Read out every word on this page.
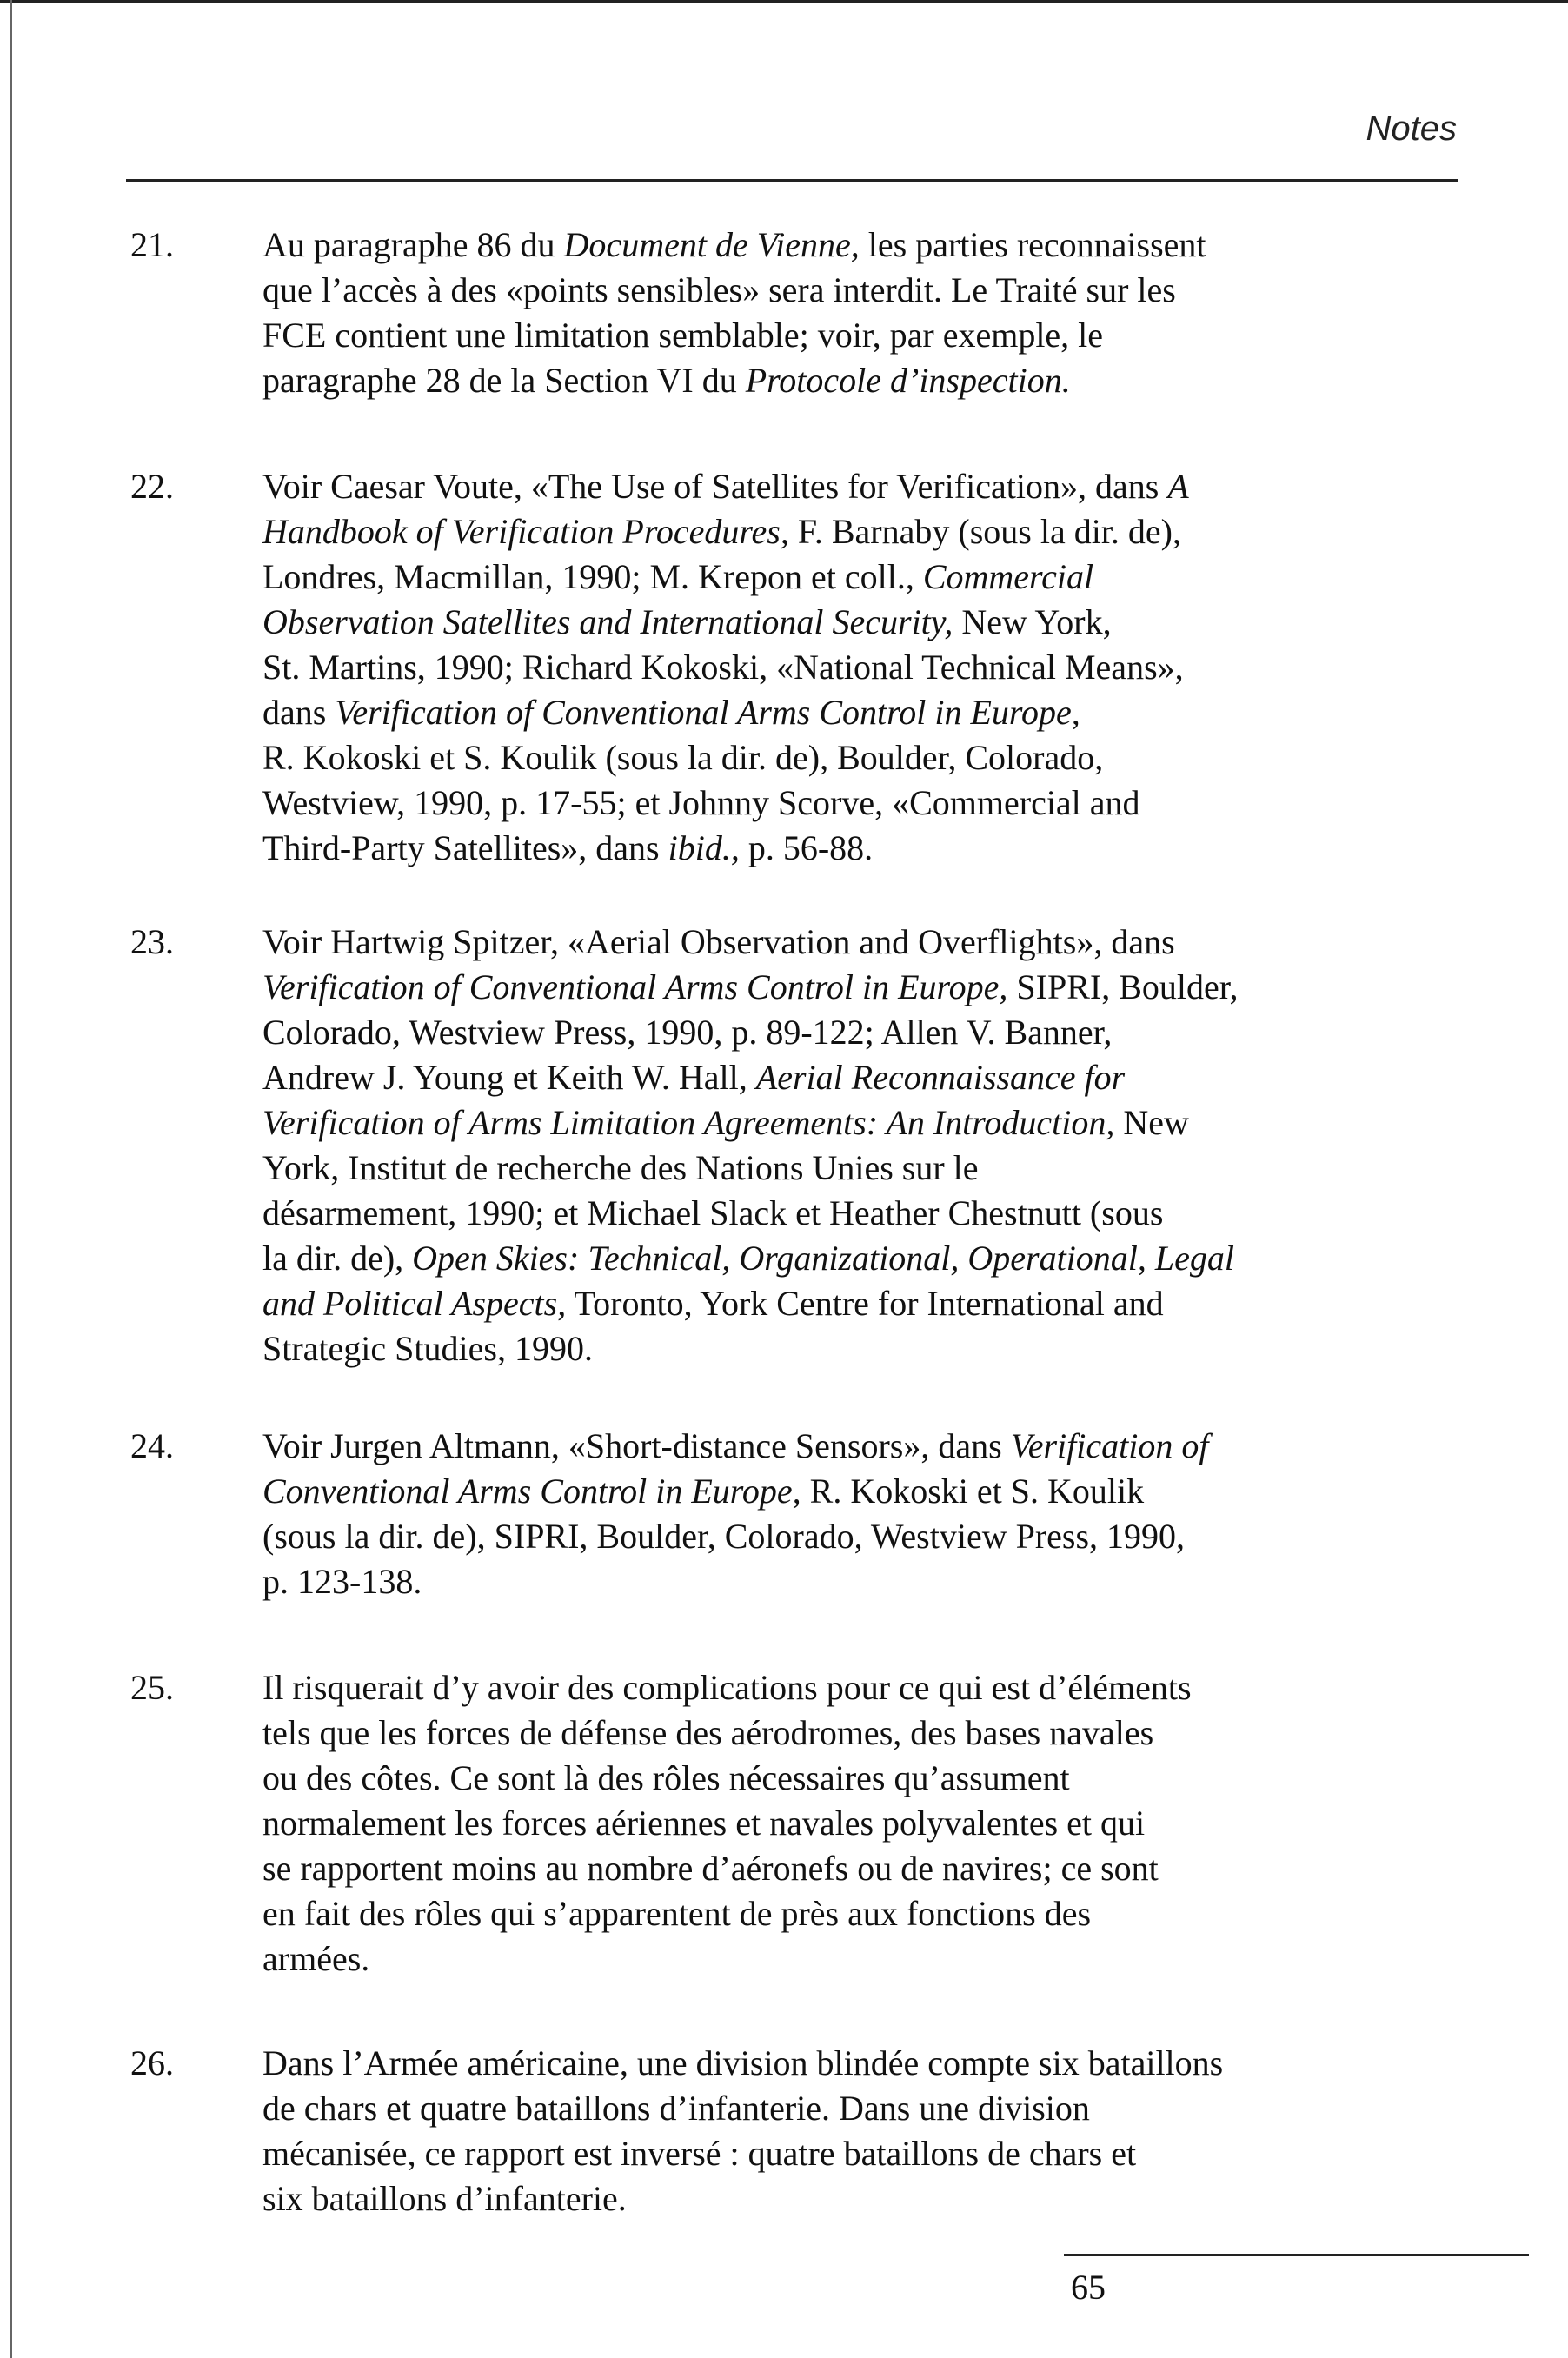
Notes
21.	Au paragraphe 86 du Document de Vienne, les parties reconnaissent
que l’accès à des «points sensibles» sera interdit. Le Traité sur les
FCE contient une limitation semblable; voir, par exemple, le
paragraphe 28 de la Section VI du Protocole d’inspection.
22.	Voir Caesar Voute, «The Use of Satellites for Verification», dans A
Handbook of Verification Procedures, F. Barnaby (sous la dir. de),
Londres, Macmillan, 1990; M. Krepon et coll., Commercial
Observation Satellites and International Security, New York,
St. Martins, 1990; Richard Kokoski, «National Technical Means»,
dans Verification of Conventional Arms Control in Europe,
R. Kokoski et S. Koulik (sous la dir. de), Boulder, Colorado,
Westview, 1990, p. 17-55; et Johnny Scorve, «Commercial and
Third-Party Satellites», dans ibid., p. 56-88.
23.	Voir Hartwig Spitzer, «Aerial Observation and Overflights», dans
Verification of Conventional Arms Control in Europe, SIPRI, Boulder,
Colorado, Westview Press, 1990, p. 89-122; Allen V. Banner,
Andrew J. Young et Keith W. Hall, Aerial Reconnaissance for
Verification of Arms Limitation Agreements: An Introduction, New
York, Institut de recherche des Nations Unies sur le
désarmement, 1990; et Michael Slack et Heather Chestnutt (sous
la dir. de), Open Skies: Technical, Organizational, Operational, Legal
and Political Aspects, Toronto, York Centre for International and
Strategic Studies, 1990.
24.	Voir Jurgen Altmann, «Short-distance Sensors», dans Verification of
Conventional Arms Control in Europe, R. Kokoski et S. Koulik
(sous la dir. de), SIPRI, Boulder, Colorado, Westview Press, 1990,
p. 123-138.
25.	Il risquerait d’y avoir des complications pour ce qui est d’éléments
tels que les forces de défense des aérodromes, des bases navales
ou des côtes. Ce sont là des rôles nécessaires qu’assument
normalement les forces aériennes et navales polyvalentes et qui
se rapportent moins au nombre d’aéronefs ou de navires; ce sont
en fait des rôles qui s’apparentent de près aux fonctions des
armées.
26.	Dans l’Armée américaine, une division blindée compte six bataillons
de chars et quatre bataillons d’infanterie. Dans une division
mécanisée, ce rapport est inversé : quatre bataillons de chars et
six bataillons d’infanterie.
65
